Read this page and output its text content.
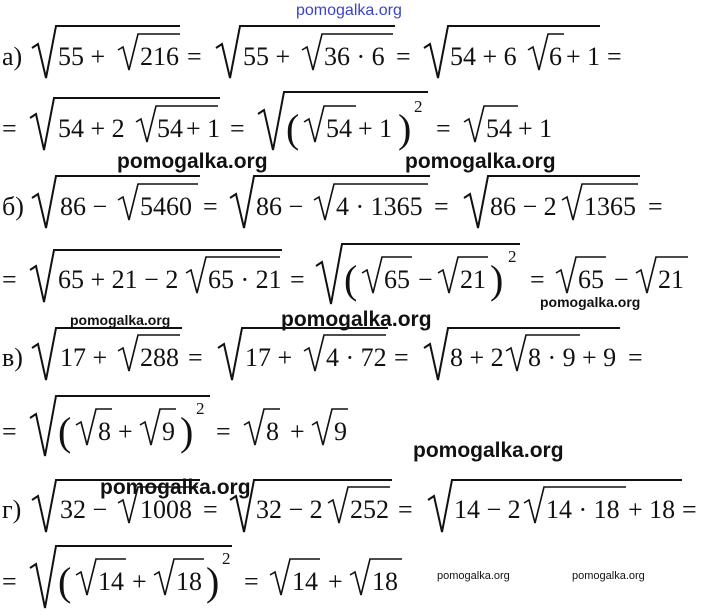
а) 55 + 216 = 55 + 36 · 6 = 54 + 6 6 + 1 =
= 54 + 2 54 + 1 = ( 54 + 1 ) 2
= 54 + 1
б) 86 − 5460 = 86 − 4 · 1365 = 86 − 2 1365 =
= 65 + 21 − 2 65 · 21 = ( 65 − 21 )
2
= 65 − 21
в) 17 + 288 = 17 + 4 · 72 = 8 + 2 8 · 9 + 9 =
= ( 8 + 9 )
2
= 8 + 9
г) 32 − 1008 = 32 − 2 252 = 14 − 2 14 · 18 + 18 =
= ( 14 + 18 )
2
= 14 + 18
pomogalka.org
pomogalka.org	pomogalka.org
pomogalka.org
pomogalka.org	pomogalka.org
pomogalka.org
pomogalka.org
pomogalka.org	pomogalka.org
